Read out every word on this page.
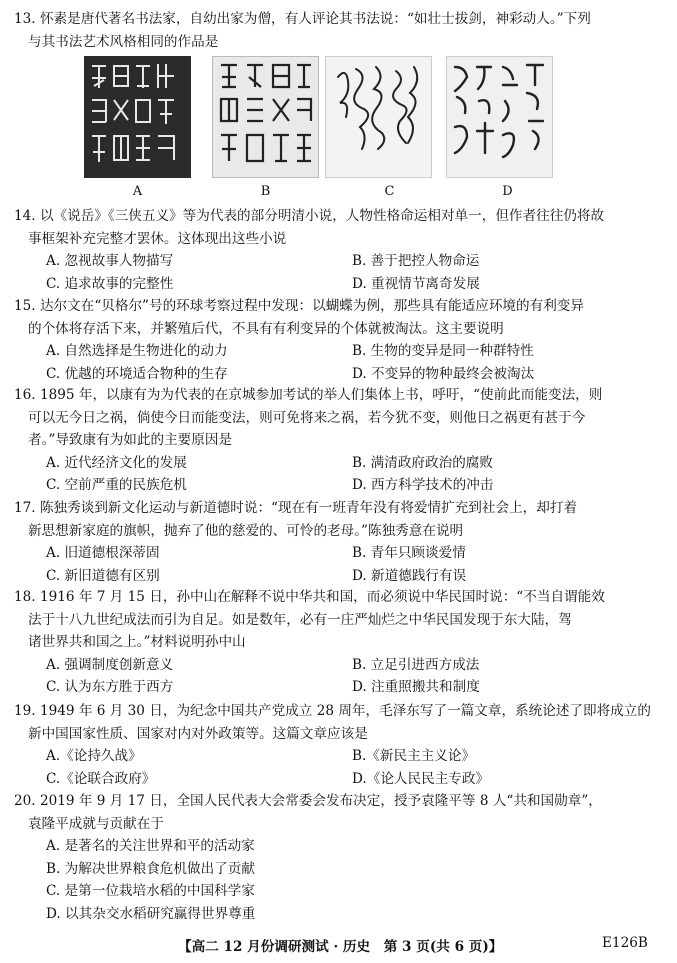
13. 怀素是唐代著名书法家，自幼出家为僧，有人评论其书法说：“如壮士拔剑，神彩动人。”下列
与其书法艺术风格相同的作品是
A	B	C	D
14. 以《说岳》《三侠五义》等为代表的部分明清小说，人物性格命运相对单一，但作者往往仍将故
事框架补充完整才罢休。这体现出这些小说
A. 忽视故事人物描写	B. 善于把控人物命运
C. 追求故事的完整性	D. 重视情节离奇发展
15. 达尔文在“贝格尔”号的环球考察过程中发现：以蝴蝶为例，那些具有能适应环境的有利变异
的个体将存活下来，并繁殖后代，不具有有利变异的个体就被淘汰。这主要说明
A. 自然选择是生物进化的动力	B. 生物的变异是同一种群特性
C. 优越的环境适合物种的生存	D. 不变异的物种最终会被淘汰
16. 1895 年，以康有为为代表的在京城参加考试的举人们集体上书，呼吁，“使前此而能变法，则
可以无今日之祸，倘使今日而能变法，则可免将来之祸，若今犹不变，则他日之祸更有甚于今
者。”导致康有为如此的主要原因是
A. 近代经济文化的发展	B. 满清政府政治的腐败
C. 空前严重的民族危机	D. 西方科学技术的冲击
17. 陈独秀谈到新文化运动与新道德时说：“现在有一班青年没有将爱情扩充到社会上，却打着
新思想新家庭的旗帜，抛弃了他的慈爱的、可怜的老母。”陈独秀意在说明
A. 旧道德根深蒂固	B. 青年只顾谈爱情
C. 新旧道德有区别	D. 新道德践行有误
18. 1916 年 7 月 15 日，孙中山在解释不说中华共和国，而必须说中华民国时说：“不当自谓能效
法于十八九世纪成法而引为自足。如是数年，必有一庄严灿烂之中华民国发现于东大陆，驾
诸世界共和国之上。”材料说明孙中山
A. 强调制度创新意义	B. 立足引进西方成法
C. 认为东方胜于西方	D. 注重照搬共和制度
19. 1949 年 6 月 30 日，为纪念中国共产党成立 28 周年，毛泽东写了一篇文章，系统论述了即将成立的
新中国国家性质、国家对内对外政策等。这篇文章应该是
A.《论持久战》	B.《新民主主义论》
C.《论联合政府》	D.《论人民民主专政》
20. 2019 年 9 月 17 日，全国人民代表大会常委会发布决定，授予袁隆平等 8 人“共和国勋章”，
袁隆平成就与贡献在于
A. 是著名的关注世界和平的活动家
B. 为解决世界粮食危机做出了贡献
C. 是第一位栽培水稻的中国科学家
D. 以其杂交水稻研究赢得世界尊重
【高二 12 月份调研测试 · 历史　第 3 页(共 6 页)】	E126B
